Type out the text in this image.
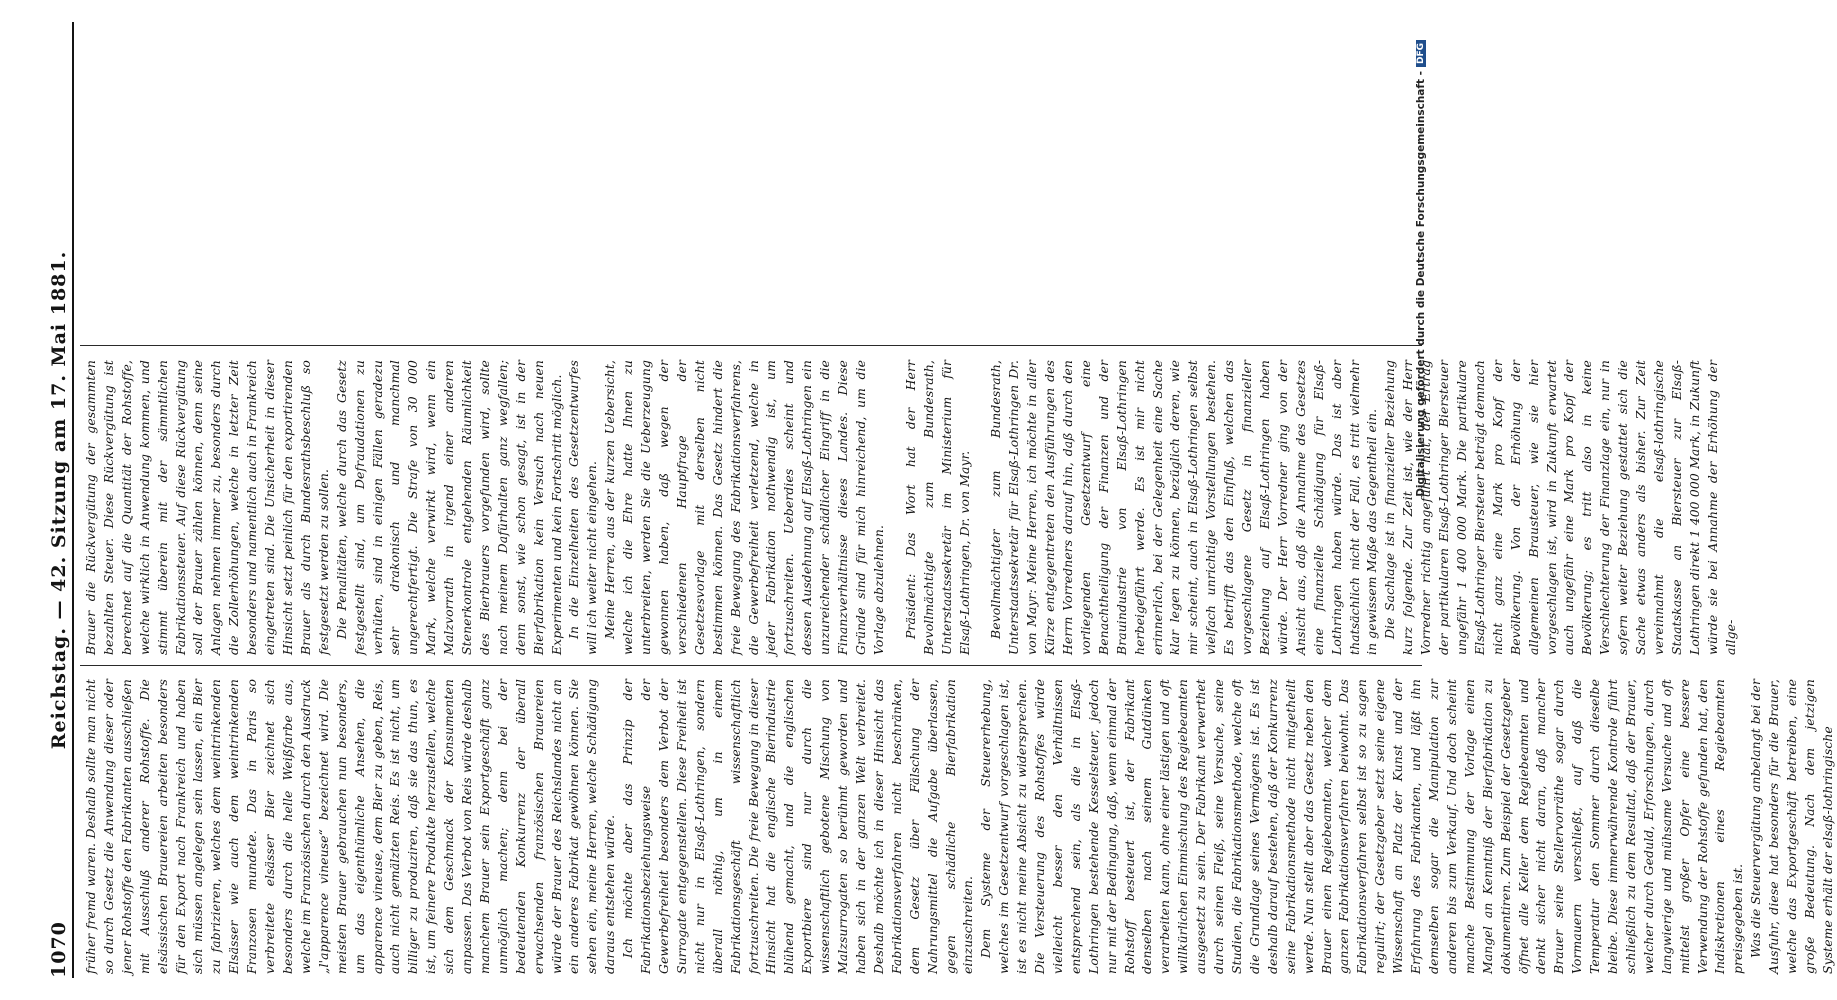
1070
Reichstag. — 42. Sitzung am 17. Mai 1881.

früher fremd waren. Deshalb sollte man nicht so durch Gesetz die Anwendung dieser oder jener Rohstoffe den Fabrikanten ausschließen mit Ausschluß anderer Rohstoffe. Die elsässischen Brauereien arbeiten besonders für den Export nach Frankreich und haben sich müssen angelegen sein lassen, ein Bier zu fabrizieren, welches dem weintrinkenden Elsässer wie auch dem weintrinkenden Franzosen mundete. Das in Paris so verbreitete elsässer Bier zeichnet sich besonders durch die helle Weißfarbe aus, welche im Französischen durch den Ausdruck „l'apparence vineuse“ bezeichnet wird. Die meisten Brauer gebrauchen nun besonders, um das eigenthümliche Ansehen, die apparence vineuse, dem Bier zu geben, Reis, auch nicht gemälzten Reis. Es ist nicht, um billiger zu produziren, daß sie das thun, es ist, um feinere Produkte herzustellen, welche sich dem Geschmack der Konsumenten anpassen. Das Verbot von Reis würde deshalb manchem Brauer sein Exportgeschäft ganz unmöglich machen; denn bei der bedeutenden Konkurrenz der überall erwachsenden französischen Brauereien würde der Brauer des Reichslandes nicht an ein anderes Fabrikat gewöhnen können. Sie sehen ein, meine Herren, welche Schädigung daraus entstehen würde. Ich möchte aber das Prinzip der Fabrikationsbeziehungsweise der Gewerbefreiheit besonders dem Verbot der Surrogate entgegenstellen. Diese Freiheit ist nicht nur in Elsaß-Lothringen, sondern überall nöthig, um in einem Fabrikationsgeschäft wissenschaftlich fortzuschreiten. Die freie Bewegung in dieser Hinsicht hat die englische Bierindustrie blühend gemacht, und die englischen Exportbiere sind nur durch die wissenschaftlich gebotene Mischung von Malzsurrogaten so berühmt geworden und haben sich in der ganzen Welt verbreitet. Deshalb möchte ich in dieser Hinsicht das Fabrikationsverfahren nicht beschränken, dem Gesetz über Fälschung der Nahrungsmittel die Aufgabe überlassen, gegen schädliche Bierfabrikation einzuschreiten. Dem Systeme der Steuererhebung, welches im Gesetzentwurf vorgeschlagen ist, ist es nicht meine Absicht zu widersprechen. Die Versteuerung des Rohstoffes würde vielleicht besser den Verhältnissen entsprechend sein, als die in Elsaß-Lothringen bestehende Kesselsteuer, jedoch nur mit der Bedingung, daß, wenn einmal der Rohstoff besteuert ist, der Fabrikant denselben nach seinem Gutdünken verarbeiten kann, ohne einer lästigen und oft willkürlichen Einmischung des Regiebeamten ausgesetzt zu sein. Der Fabrikant verwerthet durch seinen Fleiß, seine Versuche, seine Studien, die Fabrikationsmethode, welche oft die Grundlage seines Vermögens ist. Es ist deshalb darauf bestehen, daß der Konkurrenz seine Fabrikationsmethode nicht mitgetheilt werde. Nun stellt aber das Gesetz neben den Brauer einen Regiebeamten, welcher dem ganzen Fabrikationsverfahren beiwohnt. Das Fabrikationsverfahren selbst ist so zu sagen regulirt; der Gesetzgeber setzt seine eigene Wissenschaft an Platz der Kunst und der Erfahrung des Fabrikanten, und läßt ihn demselben sogar die Manipulation zur anderen bis zum Verkauf. Und doch scheint manche Bestimmung der Vorlage einen Mangel an Kenntniß der Bierfabrikation zu dokumentiren. Zum Beispiel der Gesetzgeber öffnet alle Keller dem Regiebeamten und denkt sicher nicht daran, daß mancher Brauer seine Stellervorräthe sogar durch Vormauern verschließt, auf daß die Temperatur den Sommer durch dieselbe bleibe. Diese immerwährende Kontrole führt schließlich zu dem Resultat, daß der Brauer, welcher durch Geduld, Erforschungen, durch langwierige und mühsame Versuche und oft mittelst großer Opfer eine bessere Verwendung der Rohstoffe gefunden hat, den Indiskretionen eines Regiebeamten preisgegeben ist. Was die Steuervergütung anbelangt bei der Ausfuhr, diese hat besonders für die Brauer, welche das Exportgeschäft betreiben, eine große Bedeutung. Nach dem jetzigen Systeme erhält der elsaß-lothringische

Brauer die Rückvergütung der gesammten bezahlten Steuer. Diese Rückvergütung ist berechnet auf die Quantität der Rohstoffe, welche wirklich in Anwendung kommen, und stimmt überein mit der sämmtlichen Fabrikationssteuer. Auf diese Rückvergütung soll der Brauer zählen können, denn seine Anlagen nehmen immer zu, besonders durch die Zollerhöhungen, welche in letzter Zeit besonders und namentlich auch in Frankreich eingetreten sind. Die Unsicherheit in dieser Hinsicht setzt peinlich für den exportirenden Brauer als durch Bundesrathsbeschluß so festgesetzt werden zu sollen. Die Penalitäten, welche durch das Gesetz festgestellt sind, um Defraudationen zu verhüten, sind in einigen Fällen geradezu sehr drakonisch und manchmal ungerechtfertigt. Die Strafe von 30 000 Mark, welche verwirkt wird, wenn ein Malzvorrath in irgend einer anderen Stenerkontrole entgehenden Räumlichkeit des Bierbrauers vorgefunden wird, sollte nach meinem Dafürhalten ganz wegfallen; denn sonst, wie schon gesagt, ist in der Bierfabrikation kein Versuch nach neuen Experimenten und kein Fortschritt möglich. In die Einzelheiten des Gesetzentwurfes will ich weiter nicht eingehen. Meine Herren, aus der kurzen Uebersicht, welche ich die Ehre hatte Ihnen zu unterbreiten, werden Sie die Ueberzeugung gewonnen haben, daß wegen der verschiedenen Hauptfrage der Gesetzesvorlage mit derselben nicht bestimmen können. Das Gesetz hindert die freie Bewegung des Fabrikationsverfahrens, die Gewerbefreiheit verletzend, welche in jeder Fabrikation nothwendig ist, um fortzuschreiten. Ueberdies scheint und dessen Ausdehnung auf Elsaß-Lothringen ein unzureichender schädlicher Eingriff in die Finanzverhältnisse dieses Landes. Diese Gründe sind für mich hinreichend, um die Vorlage abzulehnen. Präsident: Das Wort hat der Herr Bevollmächtigte zum Bundesrath, Unterstaatssekretär im Ministerium für Elsaß-Lothringen, Dr. von Mayr. Bevollmächtigter zum Bundesrath, Unterstaatssekretär für Elsaß-Lothringen Dr. von Mayr: Meine Herren, ich möchte in aller Kürze entgegentreten den Ausführungen des Herrn Vorredners darauf hin, daß durch den vorliegenden Gesetzentwurf eine Benachtheiligung der Finanzen und der Brauindustrie von Elsaß-Lothringen herbeigeführt werde. Es ist mir nicht erinnerlich, bei der Gelegenheit eine Sache klar legen zu können, bezüglich deren, wie mir scheint, auch in Elsaß-Lothringen selbst vielfach unrichtige Vorstellungen bestehen. Es betrifft das den Einfluß, welchen das vorgeschlagene Gesetz in finanzieller Beziehung auf Elsaß-Lothringen haben würde. Der Herr Vorredner ging von der Ansicht aus, daß die Annahme des Gesetzes eine finanzielle Schädigung für Elsaß-Lothringen haben würde. Das ist aber thatsächlich nicht der Fall, es tritt vielmehr in gewissem Maße das Gegentheil ein. Die Sachlage ist in finanzieller Beziehung kurz folgende. Zur Zeit ist, wie der Herr Vorredner richtig angeführt hat, der Ertrag der partikularen Elsaß-Lothringer Biersteuer ungefähr 1 400 000 Mark. Die partikulare Elsaß-Lothringer Biersteuer beträgt demnach nicht ganz eine Mark pro Kopf der Bevölkerung. Von der Erhöhung der allgemeinen Brausteuer, wie sie hier vorgeschlagen ist, wird in Zukunft erwartet auch ungefähr eine Mark pro Kopf der Bevölkerung; es tritt also in keine Verschlechterung der Finanzlage ein, nur in sofern weiter Beziehung gestattet sich die Sache etwas anders als bisher. Zur Zeit vereinnahmt die elsaß-lothringische Staatskasse an Biersteuer zur Elsaß-Lothringen direkt 1 400 000 Mark, in Zukunft würde sie bei Annahme der Erhöhung der allge-

Digitalisierung gefördert durch die Deutsche Forschungsgemeinschaft -
DFG
